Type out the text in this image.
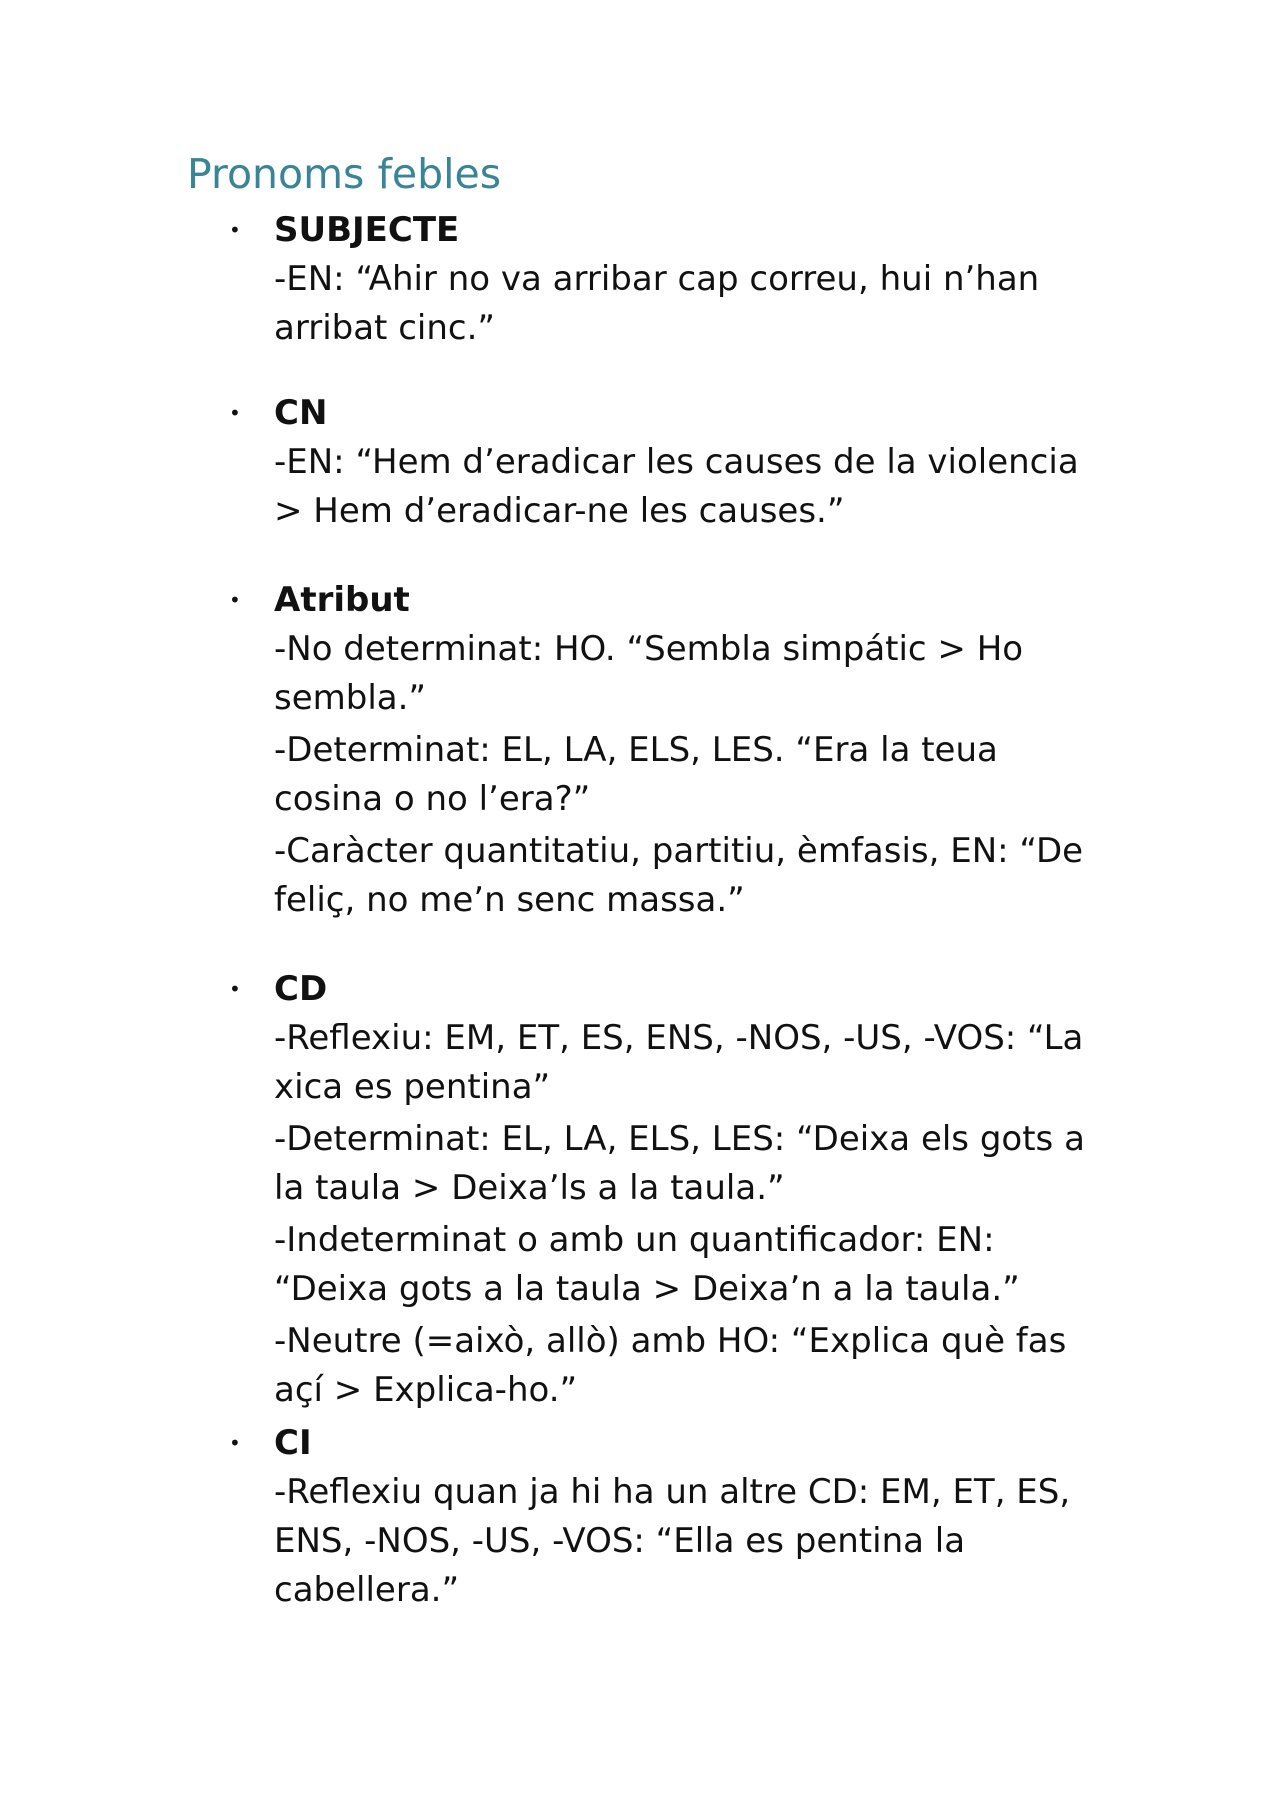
Pronoms febles
• SUBJECTE

-EN: “Ahir no va arribar cap correu, hui n’han arribat cinc.”

• CN

-EN: “Hem d’eradicar les causes de la violencia > Hem d’eradicar-ne les causes.”

• Atribut

-No determinat: HO. “Sembla simpátic > Ho sembla.”

-Determinat: EL, LA, ELS, LES. “Era la teua cosina o no l’era?”

-Caràcter quantitatiu, partitiu, èmfasis, EN: “De feliç, no me’n senc massa.”

• CD

-Reflexiu: EM, ET, ES, ENS, -NOS, -US, -VOS: “La xica es pentina”

-Determinat: EL, LA, ELS, LES: “Deixa els gots a la taula > Deixa’ls a la taula.”

-Indeterminat o amb un quantificador: EN: “Deixa gots a la taula > Deixa’n a la taula.”

-Neutre (=això, allò) amb HO: “Explica què fas açí > Explica-ho.”

• CI

-Reflexiu quan ja hi ha un altre CD: EM, ET, ES, ENS, -NOS, -US, -VOS: “Ella es pentina la cabellera.”
